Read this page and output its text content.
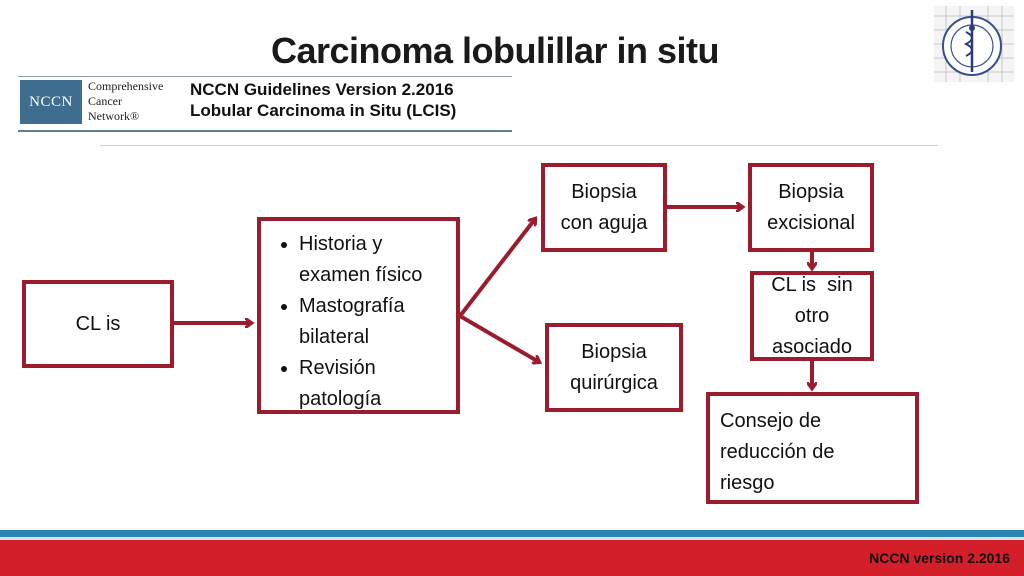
Carcinoma lobulillar in situ
NCCN
Comprehensive
Cancer
Network®
NCCN Guidelines Version 2.2016
Lobular Carcinoma in Situ (LCIS)
CL is
• Historia y examen físico
• Mastografía bilateral
• Revisión patología
Biopsia
con aguja
Biopsia
quirúrgica
Biopsia
excisional
CL is  sin
otro
asociado
Consejo de
reducción de
riesgo
NCCN version 2.2016
